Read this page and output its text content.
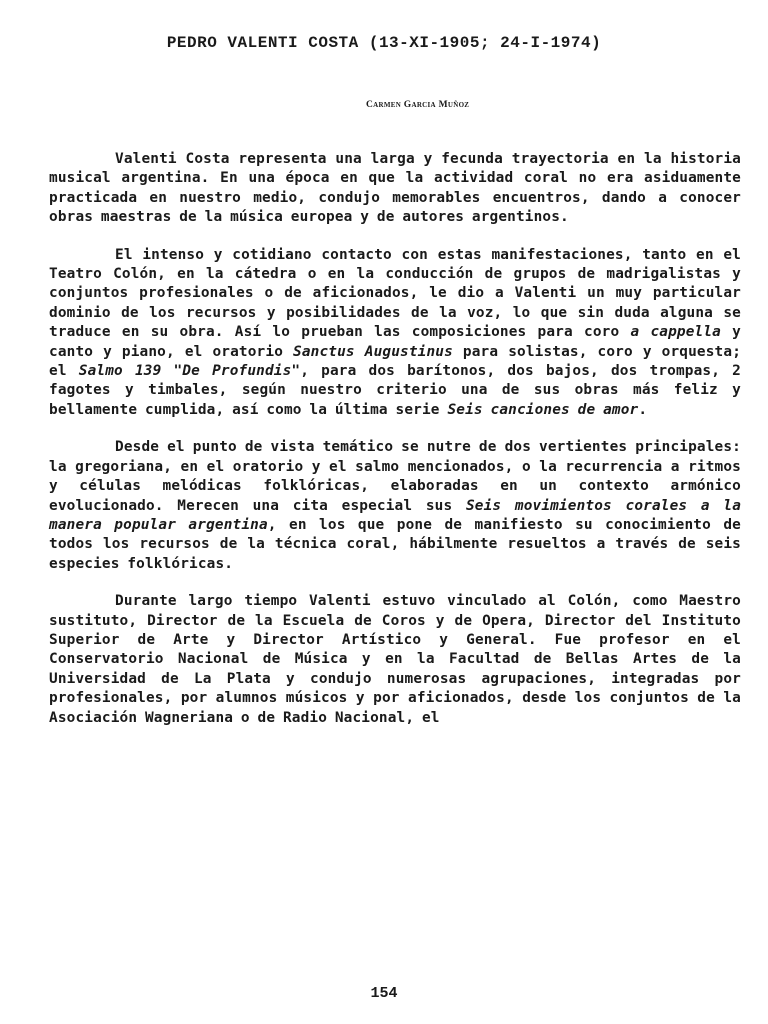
PEDRO VALENTI COSTA (13-XI-1905; 24-I-1974)
Carmen Garcia Muñoz

Valenti Costa representa una larga y fecunda trayectoria en la historia musical argentina. En una época en que la actividad coral no era asiduamente practicada en nuestro medio, condujo memorables encuentros, dando a conocer obras maestras de la música europea y de autores argentinos.

El intenso y cotidiano contacto con estas manifestaciones, tanto en el Teatro Colón, en la cátedra o en la conducción de grupos de madrigalistas y conjuntos profesionales o de aficionados, le dio a Valenti un muy particular dominio de los recursos y posibilidades de la voz, lo que sin duda alguna se traduce en su obra. Así lo prueban las composiciones para coro a cappella y canto y piano, el oratorio Sanctus Augustinus para solistas, coro y orquesta; el Salmo 139 "De Profundis", para dos barítonos, dos bajos, dos trompas, 2 fagotes y timbales, según nuestro criterio una de sus obras más feliz y bellamente cumplida, así como la última serie Seis canciones de amor.

Desde el punto de vista temático se nutre de dos vertientes principales: la gregoriana, en el oratorio y el salmo mencionados, o la recurrencia a ritmos y células melódicas folklóricas, elaboradas en un contexto armónico evolucionado. Merecen una cita especial sus Seis movimientos corales a la manera popular argentina, en los que pone de manifiesto su conocimiento de todos los recursos de la técnica coral, hábilmente resueltos a través de seis especies folklóricas.

Durante largo tiempo Valenti estuvo vinculado al Colón, como Maestro sustituto, Director de la Escuela de Coros y de Opera, Director del Instituto Superior de Arte y Director Artístico y General. Fue profesor en el Conservatorio Nacional de Música y en la Facultad de Bellas Artes de la Universidad de La Plata y condujo numerosas agrupaciones, integradas por profesionales, por alumnos músicos y por aficionados, desde los conjuntos de la Asociación Wagneriana o de Radio Nacional, el

154
